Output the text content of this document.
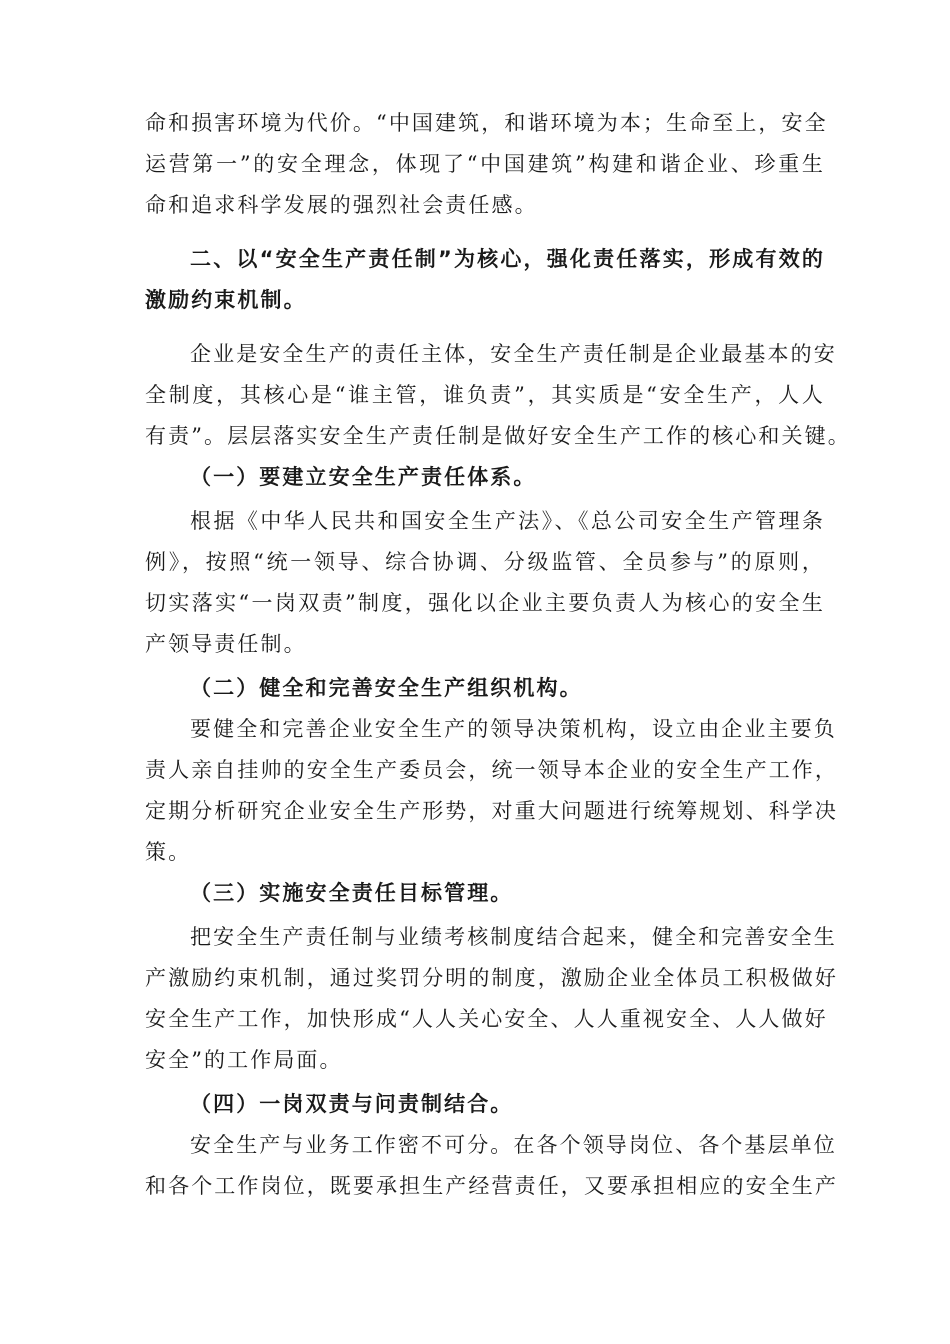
命和损害环境为代价。“中国建筑，和谐环境为本；生命至上，安全
运营第一”的安全理念，体现了“中国建筑”构建和谐企业、珍重生
命和追求科学发展的强烈社会责任感。
二、以“安全生产责任制”为核心，强化责任落实，形成有效的
激励约束机制。
企业是安全生产的责任主体，安全生产责任制是企业最基本的安
全制度，其核心是“谁主管，谁负责”，其实质是“安全生产，人人
有责”。层层落实安全生产责任制是做好安全生产工作的核心和关键。
（一）要建立安全生产责任体系。
根据《中华人民共和国安全生产法》、《总公司安全生产管理条
例》，按照“统一领导、综合协调、分级监管、全员参与”的原则，
切实落实“一岗双责”制度，强化以企业主要负责人为核心的安全生
产领导责任制。
（二）健全和完善安全生产组织机构。
要健全和完善企业安全生产的领导决策机构，设立由企业主要负
责人亲自挂帅的安全生产委员会，统一领导本企业的安全生产工作，
定期分析研究企业安全生产形势，对重大问题进行统筹规划、科学决
策。
（三）实施安全责任目标管理。
把安全生产责任制与业绩考核制度结合起来，健全和完善安全生
产激励约束机制，通过奖罚分明的制度，激励企业全体员工积极做好
安全生产工作，加快形成“人人关心安全、人人重视安全、人人做好
安全”的工作局面。
（四）一岗双责与问责制结合。
安全生产与业务工作密不可分。在各个领导岗位、各个基层单位
和各个工作岗位，既要承担生产经营责任，又要承担相应的安全生产
